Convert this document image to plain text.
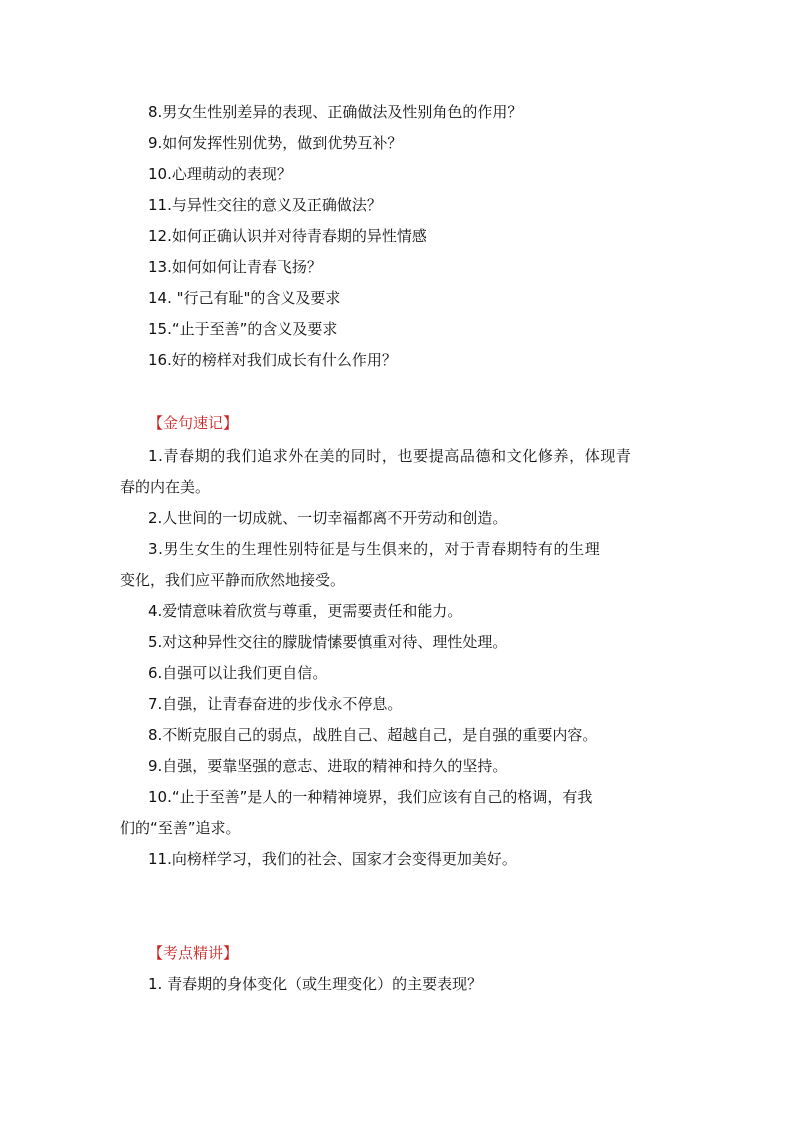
8.男女生性别差异的表现、正确做法及性别角色的作用？
9.如何发挥性别优势，做到优势互补？
10.心理萌动的表现？
11.与异性交往的意义及正确做法？
12.如何正确认识并对待青春期的异性情感
13.如何如何让青春飞扬？
14. "行己有耻"的含义及要求
15.“止于至善”的含义及要求
16.好的榜样对我们成长有什么作用？
【金句速记】
1.青春期的我们追求外在美的同时，也要提高品德和文化修养，体现青
春的内在美。
2.人世间的一切成就、一切幸福都离不开劳动和创造。
3.男生女生的生理性别特征是与生俱来的，对于青春期特有的生理
变化，我们应平静而欣然地接受。
4.爱情意味着欣赏与尊重，更需要责任和能力。
5.对这种异性交往的朦胧情愫要慎重对待、理性处理。
6.自强可以让我们更自信。
7.自强，让青春奋进的步伐永不停息。
8.不断克服自己的弱点，战胜自己、超越自己，是自强的重要内容。
9.自强，要靠坚强的意志、进取的精神和持久的坚持。
10.“止于至善”是人的一种精神境界，我们应该有自己的格调，有我
们的“至善”追求。
11.向榜样学习，我们的社会、国家才会变得更加美好。
【考点精讲】
1. 青春期的身体变化（或生理变化）的主要表现？
